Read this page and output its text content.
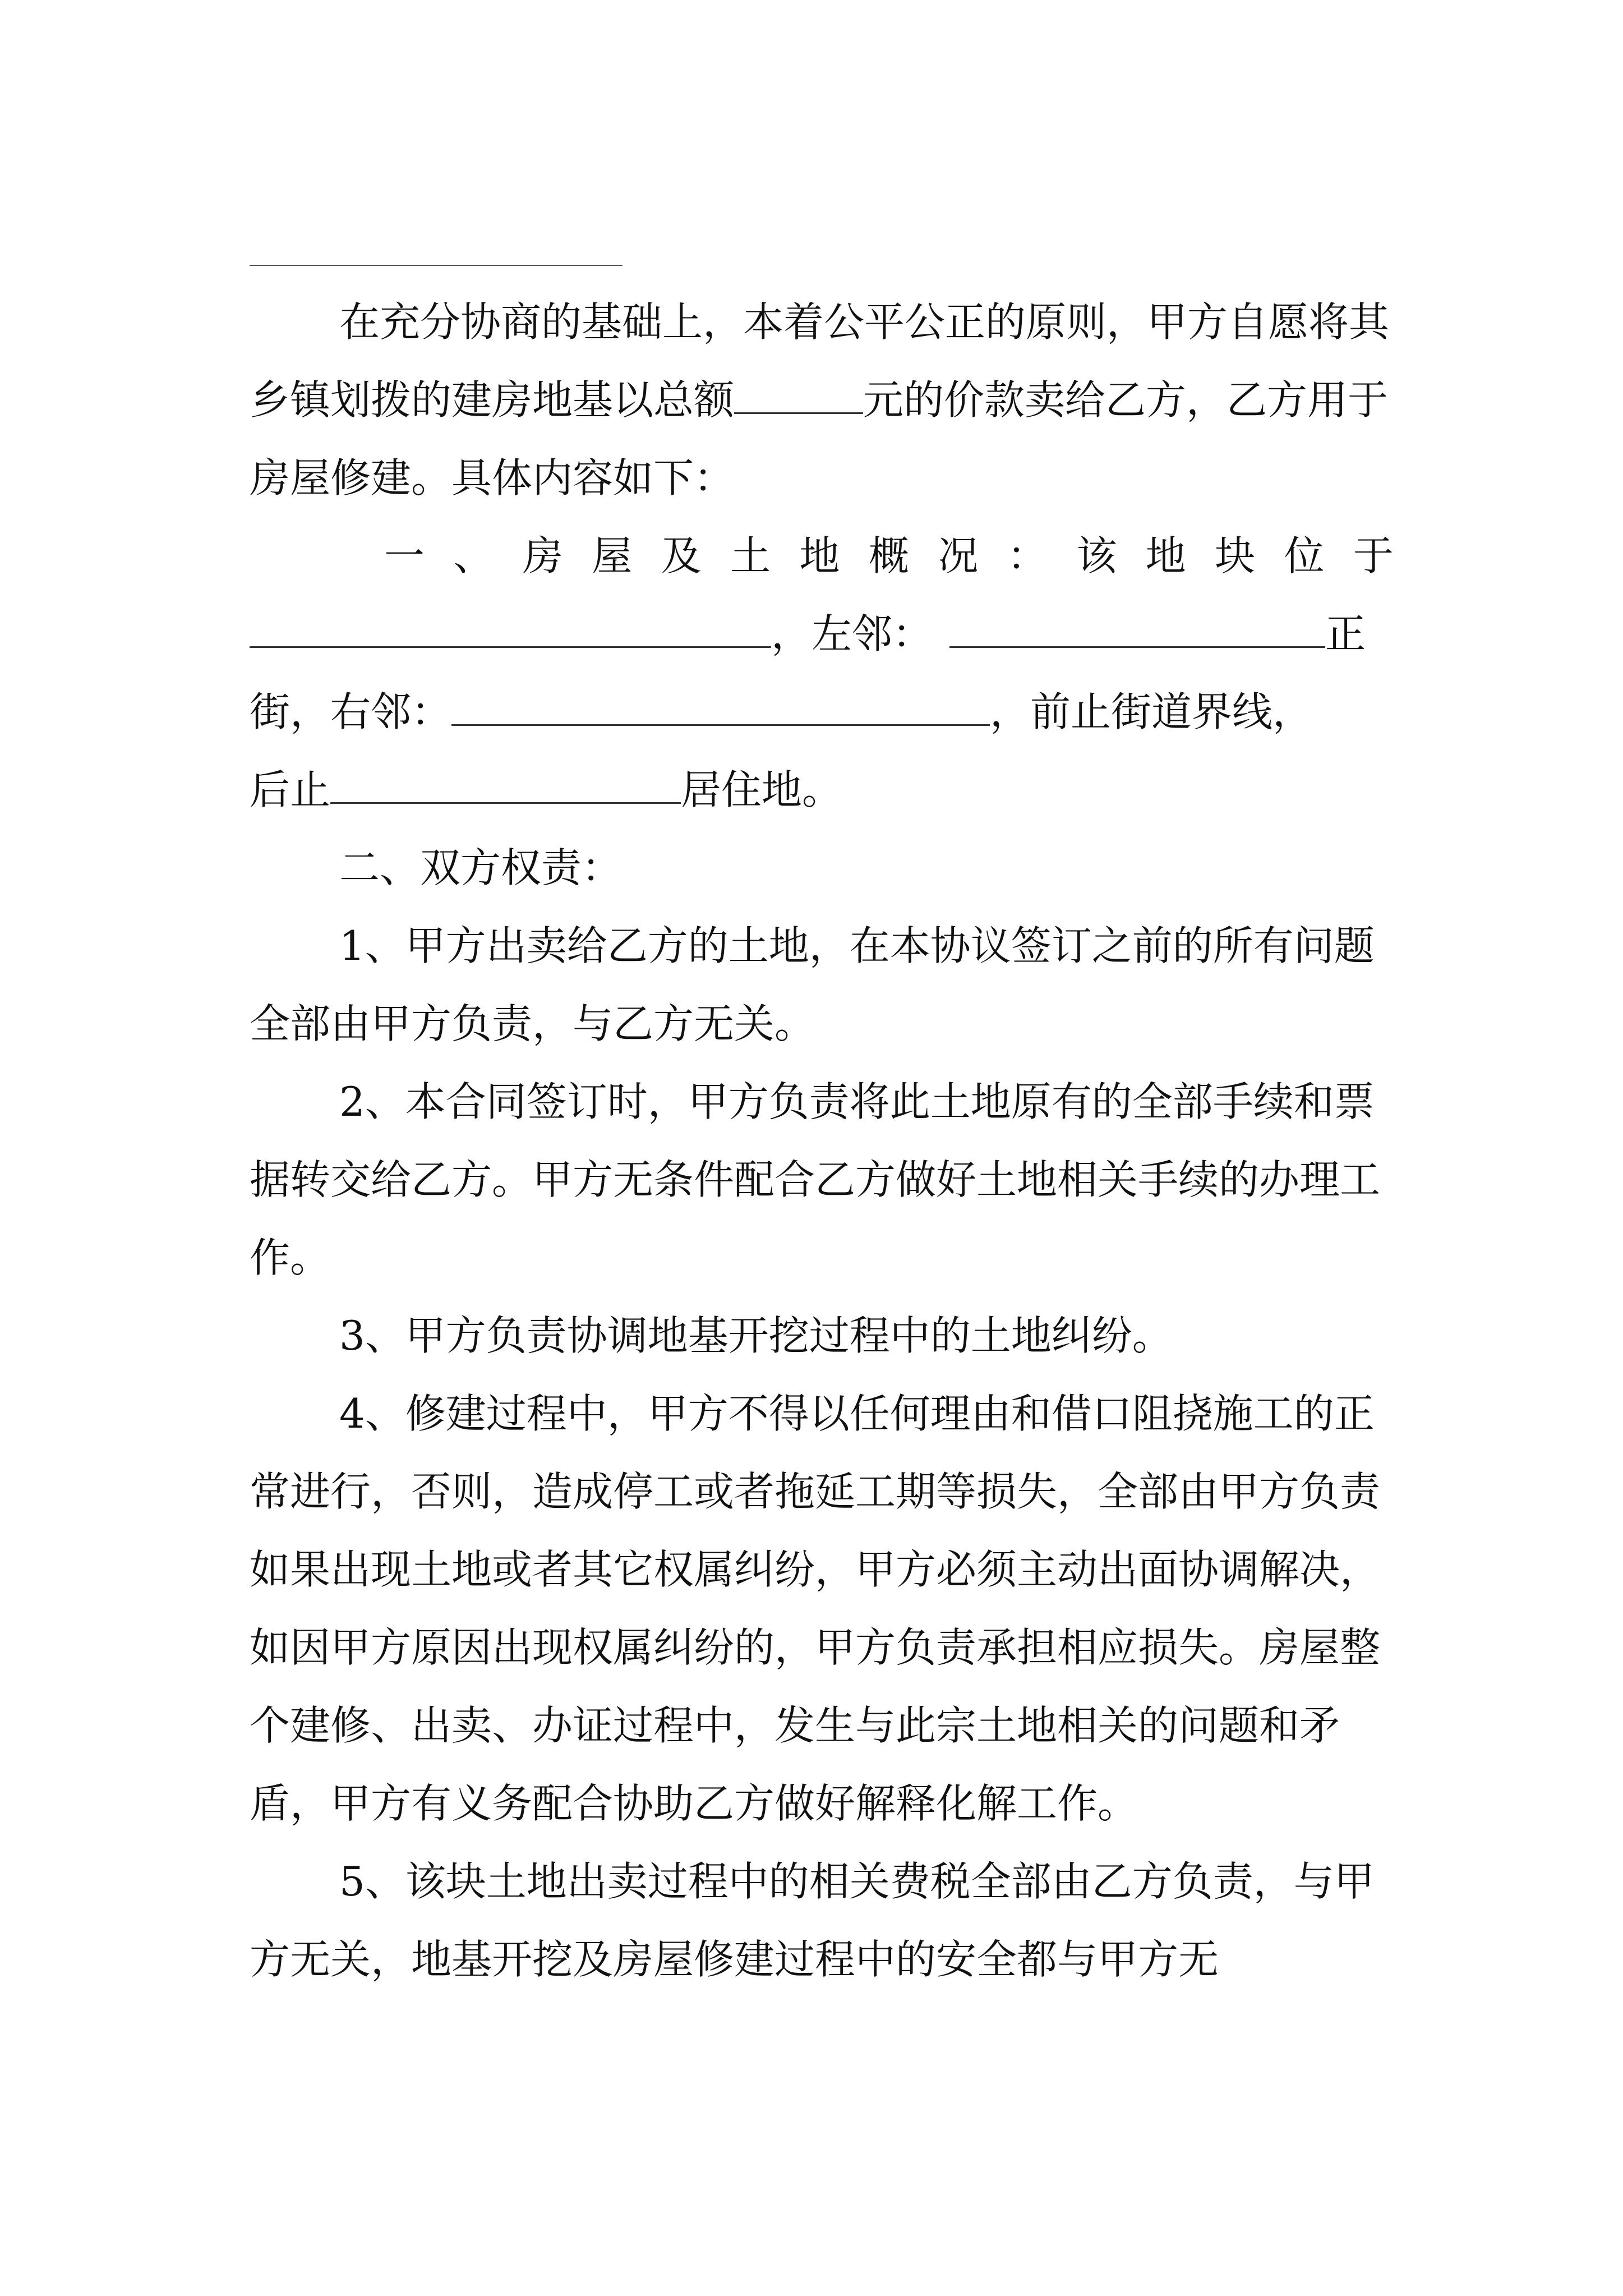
在充分协商的基础上，本着公平公正的原则，甲方自愿将其乡镇划拨的建房地基以总额	元的价款卖给乙方，乙方用于房屋修建。具体内容如下：

一 、 房 屋 及 土 地 概 况 ： 该 地 块 位 于

，左邻：	正

街，右邻：	，前止街道界线，

后止	居住地。

二、双方权责：

1、甲方出卖给乙方的土地，在本协议签订之前的所有问题全部由甲方负责，与乙方无关。

2、本合同签订时，甲方负责将此土地原有的全部手续和票据转交给乙方。甲方无条件配合乙方做好土地相关手续的办理工作。

3、甲方负责协调地基开挖过程中的土地纠纷。

4、修建过程中，甲方不得以任何理由和借口阻挠施工的正常进行，否则，造成停工或者拖延工期等损失，全部由甲方负责如果出现土地或者其它权属纠纷，甲方必须主动出面协调解决，如因甲方原因出现权属纠纷的，甲方负责承担相应损失。房屋整个建修、出卖、办证过程中，发生与此宗土地相关的问题和矛盾，甲方有义务配合协助乙方做好解释化解工作。

5、该块土地出卖过程中的相关费税全部由乙方负责，与甲方无关，地基开挖及房屋修建过程中的安全都与甲方无
